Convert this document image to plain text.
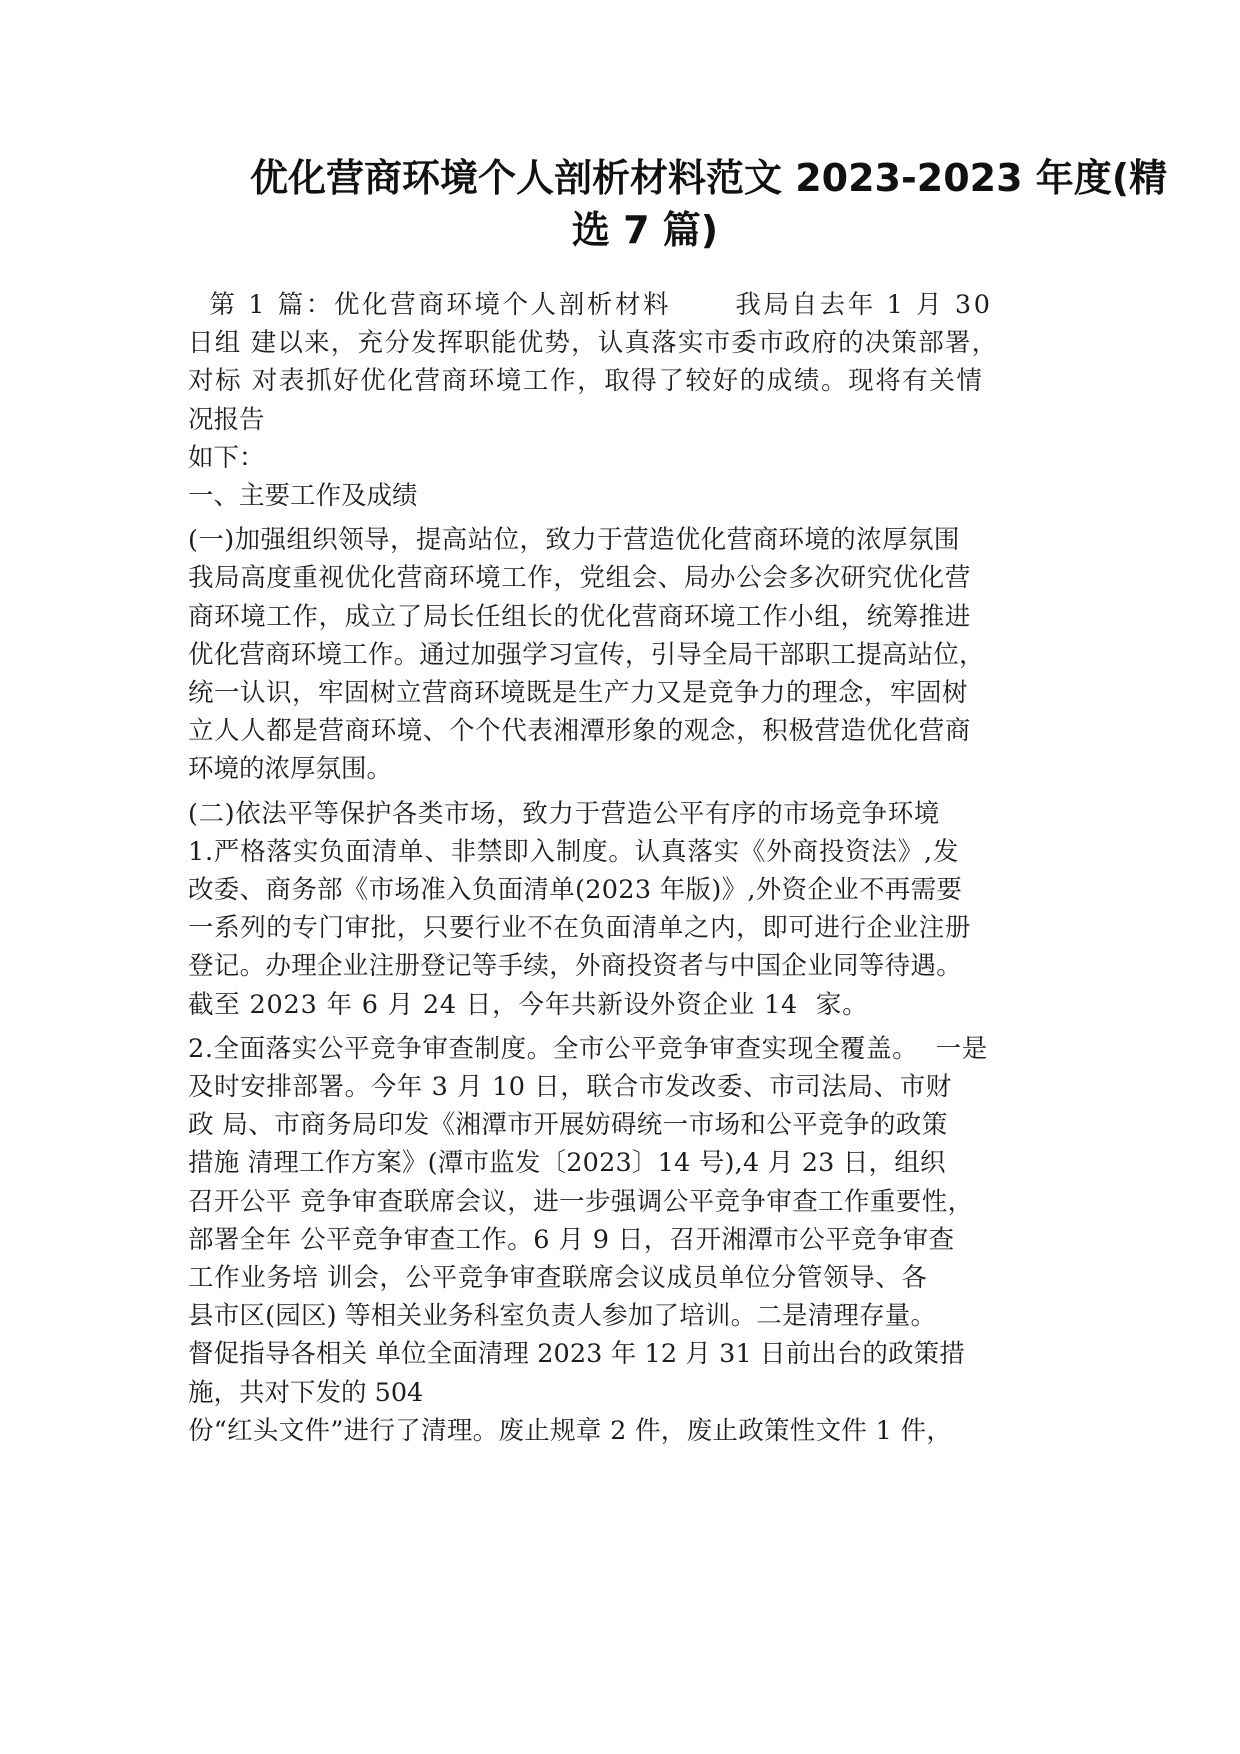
优化营商环境个人剖析材料范文 2023-2023 年度(精
选 7 篇)
第 1 篇：优化营商环境个人剖析材料      我局自去年 1 月 30
日组 建以来，充分发挥职能优势，认真落实市委市政府的决策部署，
对标 对表抓好优化营商环境工作，取得了较好的成绩。现将有关情
况报告
如下：
一、主要工作及成绩
(一)加强组织领导，提高站位，致力于营造优化营商环境的浓厚氛围
我局高度重视优化营商环境工作，党组会、局办公会多次研究优化营
商环境工作，成立了局长任组长的优化营商环境工作小组，统筹推进
优化营商环境工作。通过加强学习宣传，引导全局干部职工提高站位，
统一认识，牢固树立营商环境既是生产力又是竞争力的理念，牢固树
立人人都是营商环境、个个代表湘潭形象的观念，积极营造优化营商
环境的浓厚氛围。
(二)依法平等保护各类市场，致力于营造公平有序的市场竞争环境
1.严格落实负面清单、非禁即入制度。认真落实《外商投资法》,发
改委、商务部《市场准入负面清单(2023 年版)》,外资企业不再需要
一系列的专门审批，只要行业不在负面清单之内，即可进行企业注册
登记。办理企业注册登记等手续，外商投资者与中国企业同等待遇。
截至 2023 年 6 月 24 日，今年共新设外资企业 14  家。
2.全面落实公平竞争审查制度。全市公平竞争审查实现全覆盖。  一是
及时安排部署。今年 3 月 10 日，联合市发改委、市司法局、市财
政 局、市商务局印发《湘潭市开展妨碍统一市场和公平竞争的政策
措施 清理工作方案》(潭市监发〔2023〕14 号),4 月 23 日，组织
召开公平 竞争审查联席会议，进一步强调公平竞争审查工作重要性，
部署全年 公平竞争审查工作。6 月 9 日，召开湘潭市公平竞争审查
工作业务培 训会，公平竞争审查联席会议成员单位分管领导、各
县市区(园区) 等相关业务科室负责人参加了培训。二是清理存量。
督促指导各相关 单位全面清理 2023 年 12 月 31 日前出台的政策措
施，共对下发的 504
份“红头文件”进行了清理。废止规章 2 件，废止政策性文件 1 件，
